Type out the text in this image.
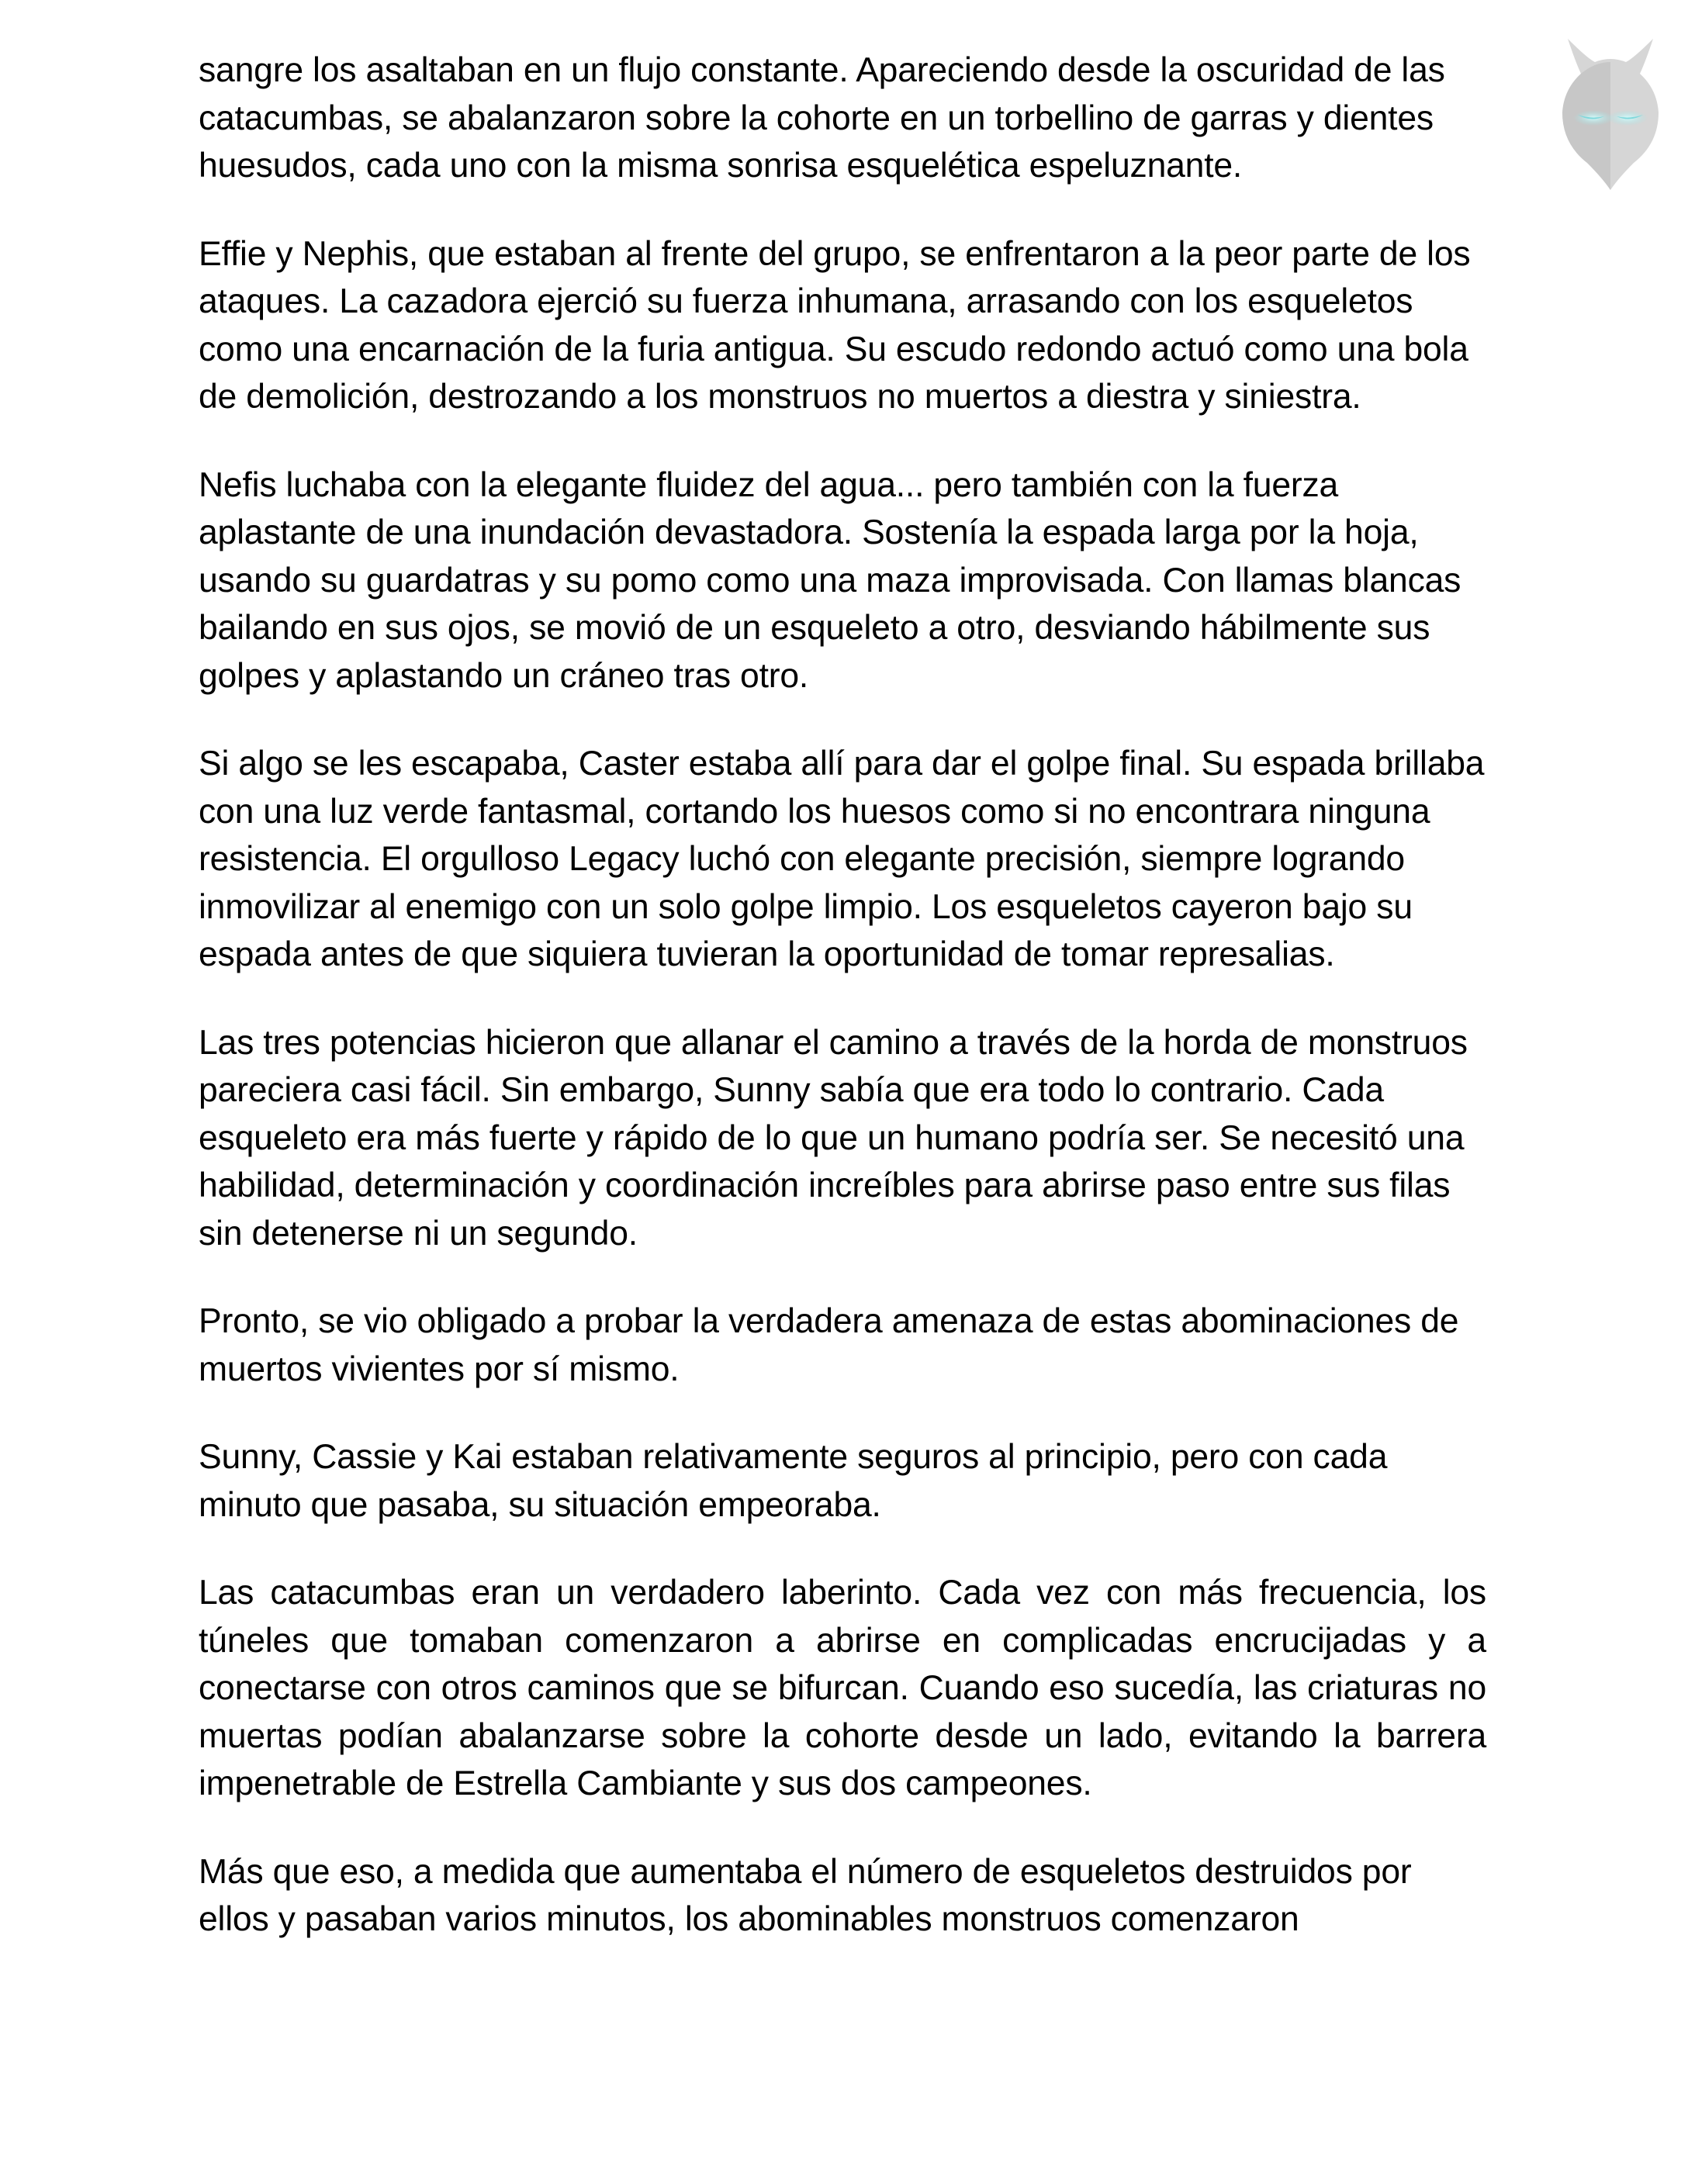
sangre los asaltaban en un flujo constante. Apareciendo desde la oscuridad de las catacumbas, se abalanzaron sobre la cohorte en un torbellino de garras y dientes huesudos, cada uno con la misma sonrisa esquelética espeluznante.

Effie y Nephis, que estaban al frente del grupo, se enfrentaron a la peor parte de los ataques. La cazadora ejerció su fuerza inhumana, arrasando con los esqueletos como una encarnación de la furia antigua. Su escudo redondo actuó como una bola de demolición, destrozando a los monstruos no muertos a diestra y siniestra.

Nefis luchaba con la elegante fluidez del agua... pero también con la fuerza aplastante de una inundación devastadora. Sostenía la espada larga por la hoja, usando su guardatras y su pomo como una maza improvisada. Con llamas blancas bailando en sus ojos, se movió de un esqueleto a otro, desviando hábilmente sus golpes y aplastando un cráneo tras otro.

Si algo se les escapaba, Caster estaba allí para dar el golpe final. Su espada brillaba con una luz verde fantasmal, cortando los huesos como si no encontrara ninguna resistencia. El orgulloso Legacy luchó con elegante precisión, siempre logrando inmovilizar al enemigo con un solo golpe limpio. Los esqueletos cayeron bajo su espada antes de que siquiera tuvieran la oportunidad de tomar represalias.

Las tres potencias hicieron que allanar el camino a través de la horda de monstruos pareciera casi fácil. Sin embargo, Sunny sabía que era todo lo contrario. Cada esqueleto era más fuerte y rápido de lo que un humano podría ser. Se necesitó una habilidad, determinación y coordinación increíbles para abrirse paso entre sus filas sin detenerse ni un segundo.

Pronto, se vio obligado a probar la verdadera amenaza de estas abominaciones de muertos vivientes por sí mismo.

Sunny, Cassie y Kai estaban relativamente seguros al principio, pero con cada minuto que pasaba, su situación empeoraba.

Las catacumbas eran un verdadero laberinto. Cada vez con más frecuencia, los túneles que tomaban comenzaron a abrirse en complicadas encrucijadas y a conectarse con otros caminos que se bifurcan. Cuando eso sucedía, las criaturas no muertas podían abalanzarse sobre la cohorte desde un lado, evitando la barrera impenetrable de Estrella Cambiante y sus dos campeones.

Más que eso, a medida que aumentaba el número de esqueletos destruidos por ellos y pasaban varios minutos, los abominables monstruos comenzaron
